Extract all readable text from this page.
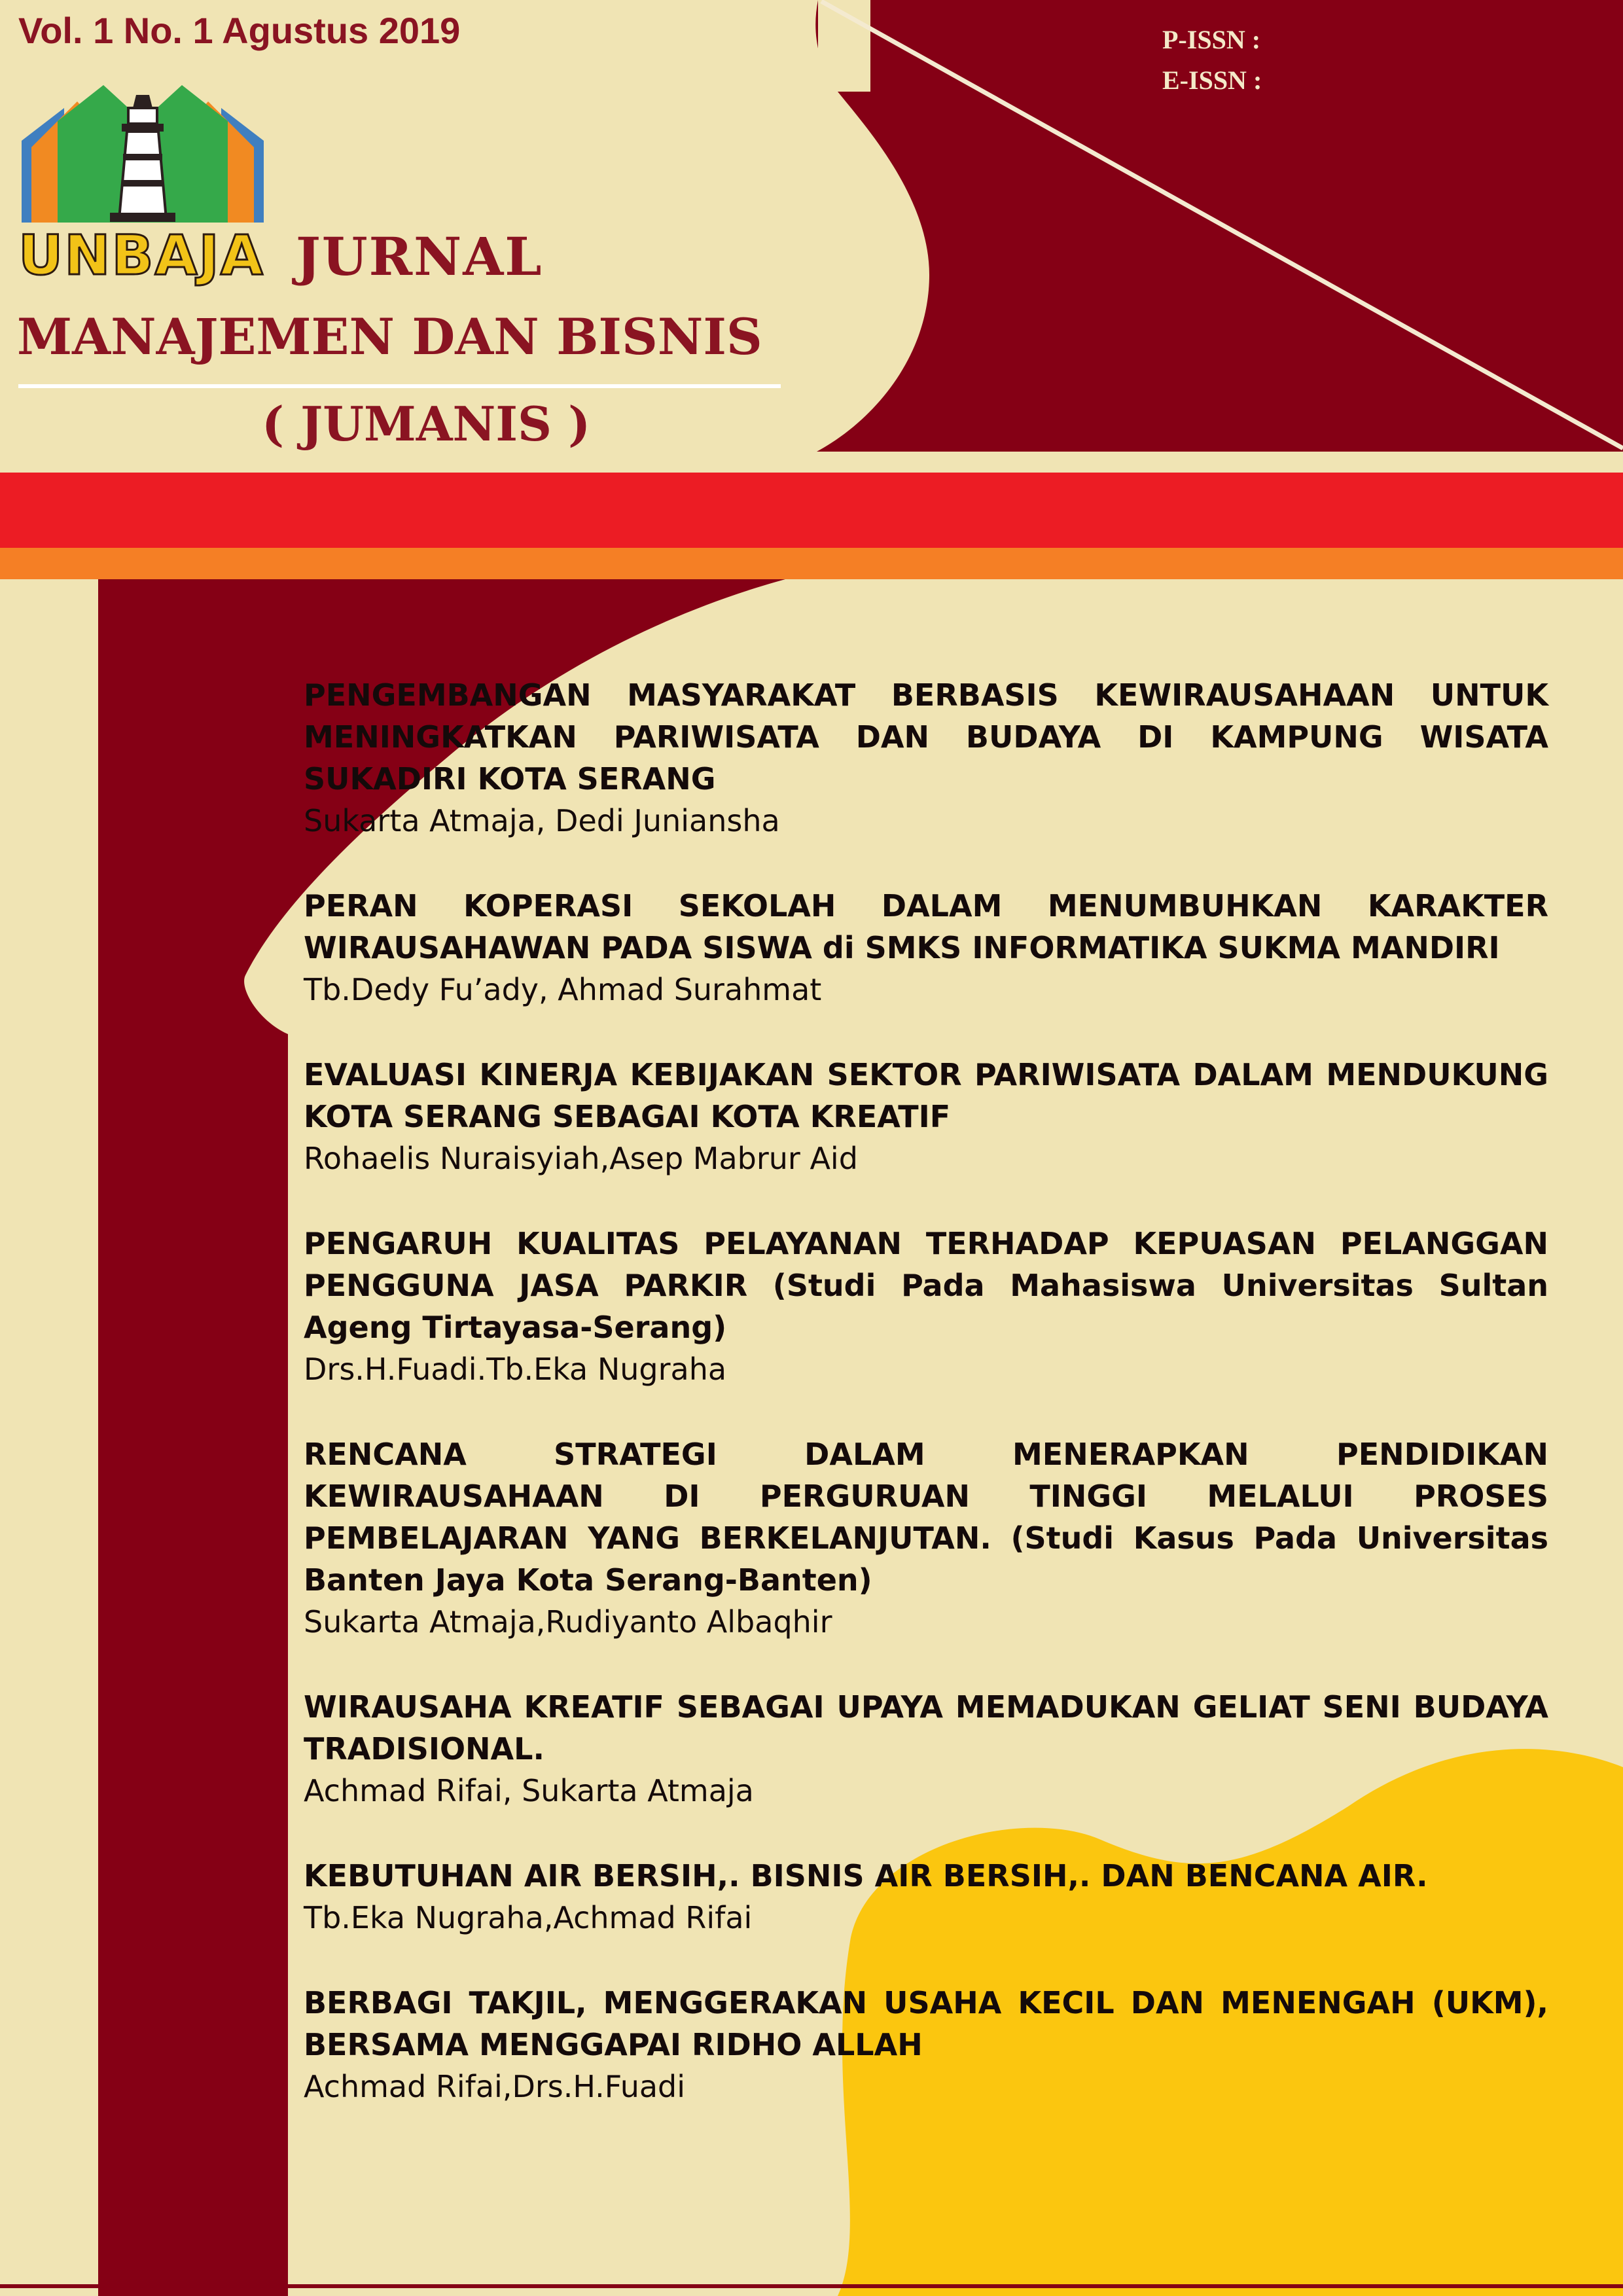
Vol. 1 No. 1 Agustus 2019	P-ISSN :
E-ISSN :
UNBAJA JURNAL
MANAJEMEN DAN BISNIS
( JUMANIS )
PENGEMBANGAN MASYARAKAT BERBASIS KEWIRAUSAHAAN UNTUK MENINGKATKAN PARIWISATA DAN BUDAYA DI KAMPUNG WISATA SUKADIRI KOTA SERANG
Sukarta Atmaja, Dedi Juniansha
PERAN KOPERASI SEKOLAH DALAM MENUMBUHKAN KARAKTER WIRAUSAHAWAN PADA SISWA di SMKS INFORMATIKA SUKMA MANDIRI
Tb.Dedy Fu’ady, Ahmad Surahmat
EVALUASI KINERJA KEBIJAKAN SEKTOR PARIWISATA DALAM MENDUKUNG KOTA SERANG SEBAGAI KOTA KREATIF
Rohaelis Nuraisyiah,Asep Mabrur Aid
PENGARUH KUALITAS PELAYANAN TERHADAP KEPUASAN PELANGGAN PENGGUNA JASA PARKIR (Studi Pada Mahasiswa Universitas Sultan Ageng Tirtayasa-Serang)
Drs.H.Fuadi.Tb.Eka Nugraha
RENCANA STRATEGI DALAM MENERAPKAN PENDIDIKAN KEWIRAUSAHAAN DI PERGURUAN TINGGI MELALUI PROSES PEMBELAJARAN YANG BERKELANJUTAN. (Studi Kasus Pada Universitas Banten Jaya Kota Serang-Banten)
Sukarta Atmaja,Rudiyanto Albaqhir
WIRAUSAHA KREATIF SEBAGAI UPAYA MEMADUKAN GELIAT SENI BUDAYA TRADISIONAL.
Achmad Rifai, Sukarta Atmaja
KEBUTUHAN AIR BERSIH,. BISNIS AIR BERSIH,. DAN BENCANA AIR.
Tb.Eka Nugraha,Achmad Rifai
BERBAGI TAKJIL, MENGGERAKAN USAHA KECIL DAN MENENGAH (UKM), BERSAMA MENGGAPAI RIDHO ALLAH
Achmad Rifai,Drs.H.Fuadi
